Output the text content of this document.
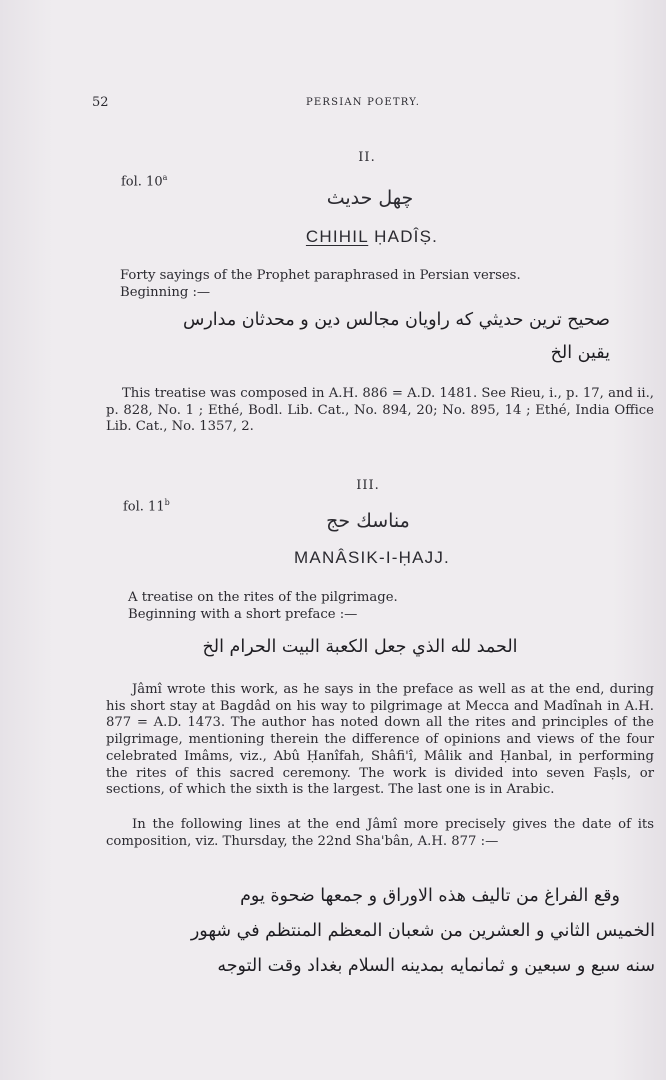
52	PERSIAN POETRY.
II.
fol. 10$^a$
چهل حديث
CHIHIL ḤADÎṢ.
Forty sayings of the Prophet paraphrased in Persian verses.
Beginning :—
صحيح ترين حديثي كه راويان مجالس دين و محدثان مدارس
يقين الخ
This treatise was composed in A.H. 886 = A.D. 1481. See Rieu, i., p. 17, and ii., p. 828, No. 1 ; Ethé, Bodl. Lib. Cat., No. 894, 20; No. 895, 14 ; Ethé, India Office Lib. Cat., No. 1357, 2.
III.
fol. 11$^b$
مناسك حج
MANÂSIK-I-ḤAJJ.
A treatise on the rites of the pilgrimage.
Beginning with a short preface :—
الحمد لله الذي جعل الكعبة البيت الحرام الخ
Jâmî wrote this work, as he says in the preface as well as at the end, during his short stay at Bagdâd on his way to pilgrimage at Mecca and Madînah in A.H. 877 = A.D. 1473. The author has noted down all the rites and principles of the pilgrimage, mentioning therein the difference of opinions and views of the four celebrated Imâms, viz., Abû Ḥanîfah, Shâfi'î, Mâlik and Ḥanbal, in performing the rites of this sacred ceremony. The work is divided into seven Faṣls, or sections, of which the sixth is the largest. The last one is in Arabic.
In the following lines at the end Jâmî more precisely gives the date of its composition, viz. Thursday, the 22nd Sha'bân, A.H. 877 :—
وقع الفراغ من تاليف هذه الاوراق و جمعها ضحوة يوم
الخميس الثاني و العشرين من شعبان المعظم المنتظم في شهور
سنه سبع و سبعين و ثمانمايه بمدينه السلام بغداد وقت التوجه
